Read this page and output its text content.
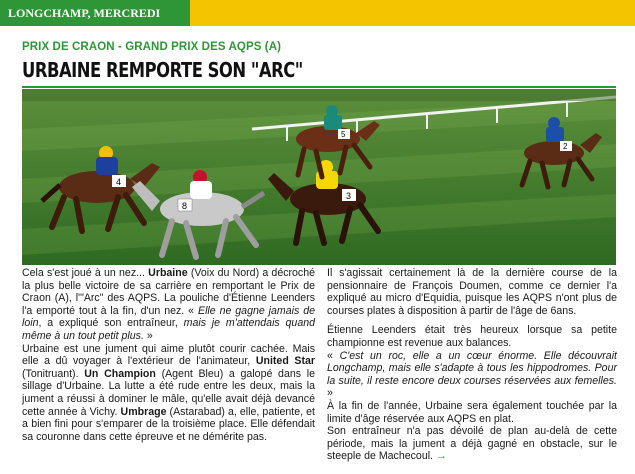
LONGCHAMP, MERCREDI
PRIX DE CRAON - GRAND PRIX DES AQPS (A)
URBAINE REMPORTE SON "ARC"
4
8
3
5
2

Cela s'est joué à un nez... Urbaine (Voix du Nord) a décroché la plus belle victoire de sa carrière en remportant le Prix de Craon (A), l'"Arc" des AQPS. La pouliche d'Étienne Leenders l'a emporté tout à la fin, d'un nez. « Elle ne gagne jamais de loin, a expliqué son entraîneur, mais je m'attendais quand même à un tout petit plus. »

Urbaine est une jument qui aime plutôt courir cachée. Mais elle a dû voyager à l'extérieur de l'animateur, United Star (Tonitruant). Un Champion (Agent Bleu) a galopé dans le sillage d'Urbaine. La lutte a été rude entre les deux, mais la jument a réussi à dominer le mâle, qu'elle avait déjà devancé cette année à Vichy. Umbrage (Astarabad) a, elle, patiente, et a bien fini pour s'emparer de la troisième place. Elle défendait sa couronne dans cette épreuve et ne démérite pas.

Il s'agissait certainement là de la dernière course de la pensionnaire de François Doumen, comme ce dernier l'a expliqué au micro d'Equidia, puisque les AQPS n'ont plus de courses plates à disposition à partir de l'âge de 6ans.

Étienne Leenders était très heureux lorsque sa petite championne est revenue aux balances.

« C'est un roc, elle a un cœur énorme. Elle découvrait Longchamp, mais elle s'adapte à tous les hippodromes. Pour la suite, il reste encore deux courses réservées aux femelles. »

À la fin de l'année, Urbaine sera également touchée par la limite d'âge réservée aux AQPS en plat.

Son entraîneur n'a pas dévoilé de plan au-delà de cette période, mais la jument a déjà gagné en obstacle, sur le steeple de Machecoul. →
